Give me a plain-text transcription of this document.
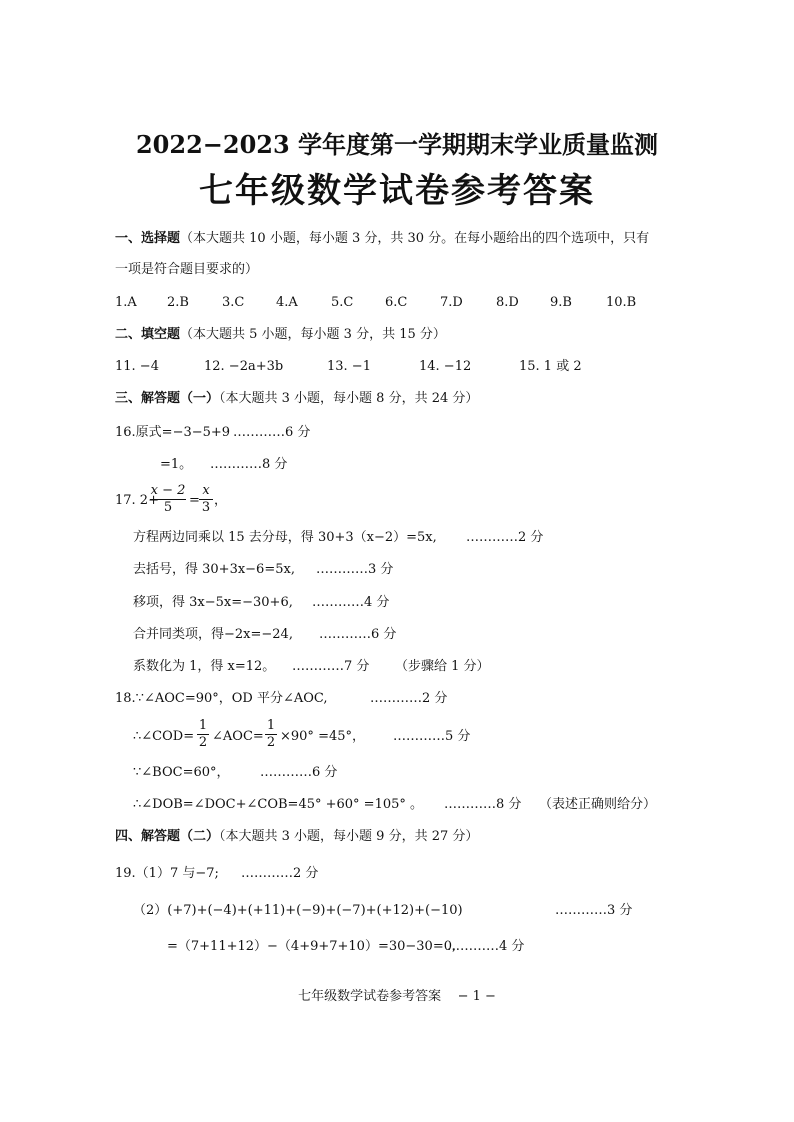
2022−2023 学年度第一学期期末学业质量监测
七年级数学试卷参考答案
一、选择题（本大题共 10 小题，每小题 3 分，共 30 分。在每小题给出的四个选项中，只有
一项是符合题目要求的）
1.A 2.B	3.C 4.A	5.C 6.C	7.D	8.D 9.B	10.B
二、填空题（本大题共 5 小题，每小题 3 分，共 15 分）
11. −4	12. −2a+3b	13. −1	14. −12	15. 1 或 2
三、解答题（一）（本大题共 3 小题，每小题 8 分，共 24 分）
16.原式=−3−5+9 …………6 分
=1。 …………8 分
17. 2+
x − 2
5	=
x
3 ，
方程两边同乘以 15 去分母，得 30+3（x−2）=5x, …………2 分
去括号，得 30+3x−6=5x, …………3 分
移项，得 3x−5x=−30+6, …………4 分
合并同类项，得−2x=−24, …………6 分
系数化为 1，得 x=12。 …………7 分 （步骤给 1 分）
18.∵∠AOC=90°，OD 平分∠AOC,	…………2 分
∴∠COD=
1
2 ∠AOC=
1
2 ×90° =45°， …………5 分
∵∠BOC=60°， …………6 分
∴∠DOB=∠DOC+∠COB=45° +60° =105° 。 …………8 分 （表述正确则给分）
四、解答题（二）（本大题共 3 小题，每小题 9 分，共 27 分）
19.（1）7 与−7; …………2 分
（2）(+7)+(−4)+(+11)+(−9)+(−7)+(+12)+(−10)	…………3 分
=（7+11+12）−（4+9+7+10）=30−30=0,
…………4 分
七年级数学试卷参考答案 − 1 −
